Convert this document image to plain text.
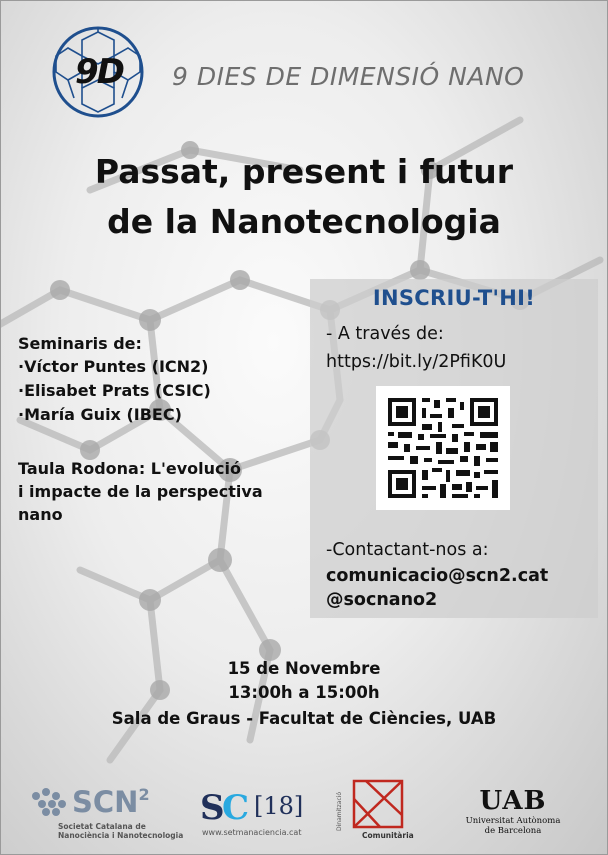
9D	9 DIES DE DIMENSIÓ NANO
Passat, present i futur
de la Nanotecnologia
INSCRIU-T'HI!
- A través de:
https://bit.ly/2PfiK0U
-Contactant-nos a:
comunicacio@scn2.cat
@socnano2
Seminaris de:
·Víctor Puntes (ICN2)
·Elisabet Prats (CSIC)
·María Guix (IBEC)
Taula Rodona: L'evolució
i impacte de la perspectiva
nano
15 de Novembre
13:00h a 15:00h
Sala de Graus - Facultat de Ciències, UAB
SCN$^2$
Societat Catalana de
Nanociència i Nanotecnologia
S
C [18]
www.setmanaciencia.cat
Dinamització
Comunitària
UAB
Universitat Autònoma
de Barcelona
